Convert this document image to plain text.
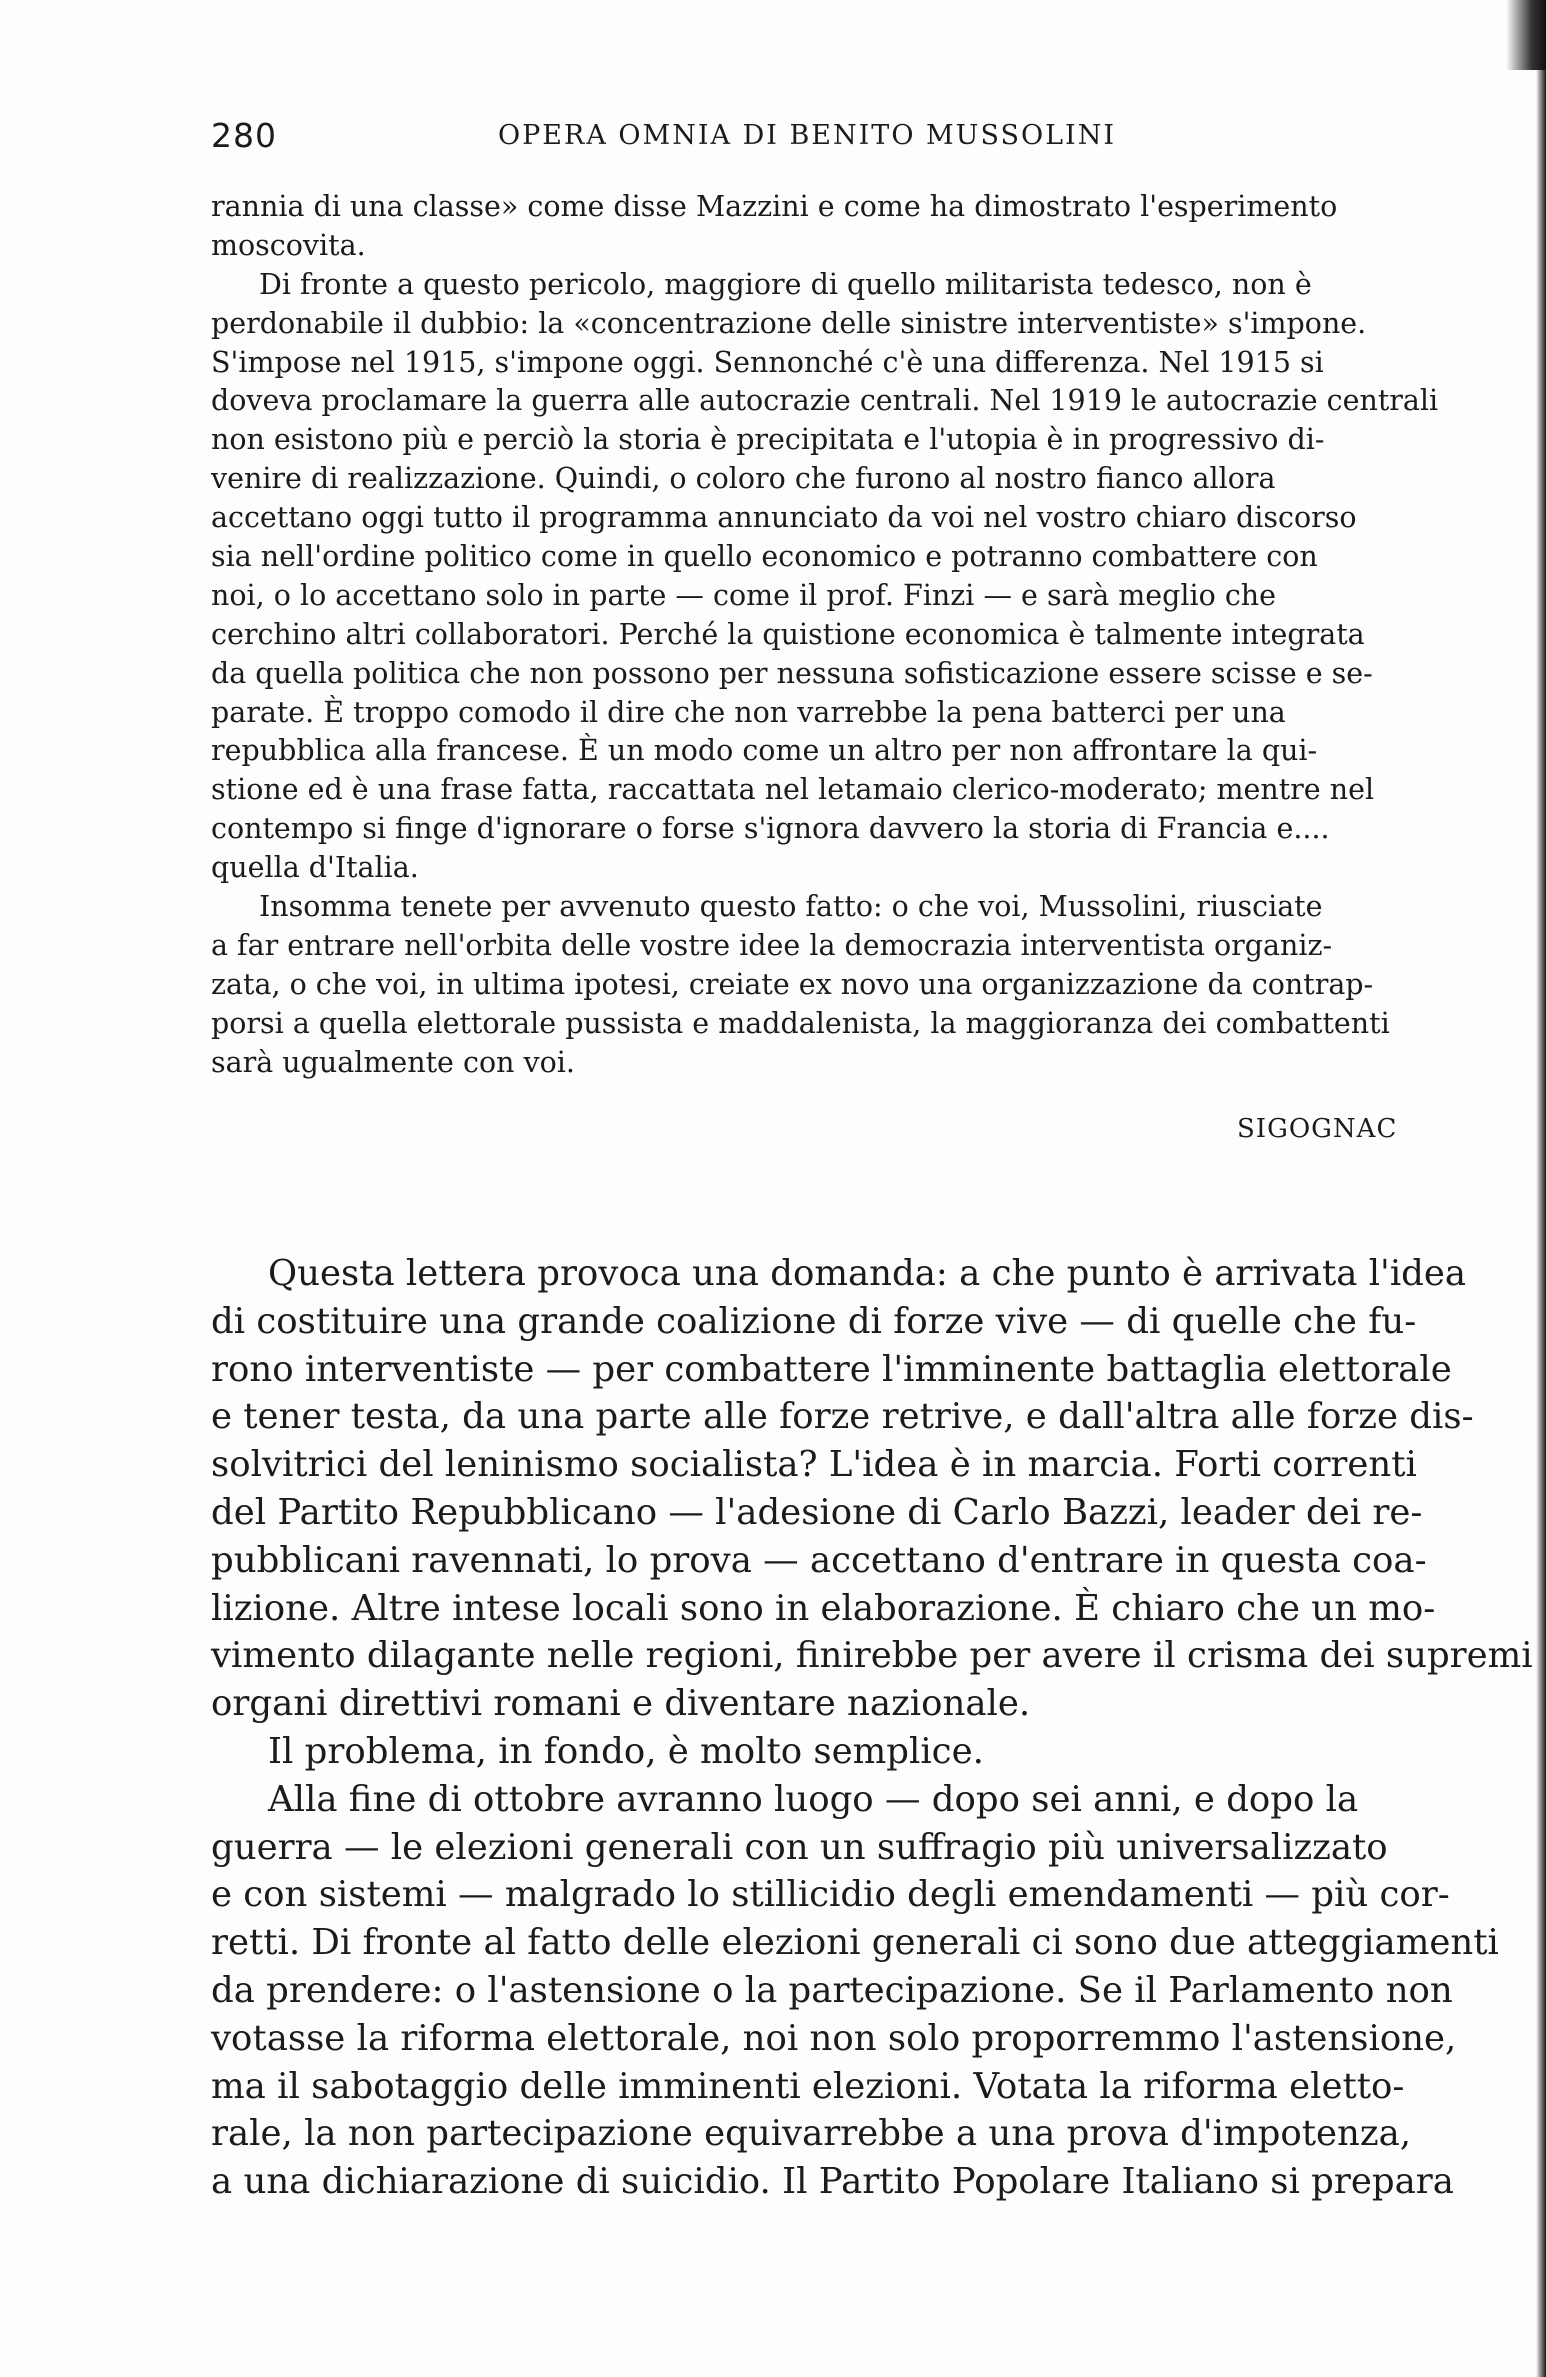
280	OPERA OMNIA DI BENITO MUSSOLINI
rannia di una classe» come disse Mazzini e come ha dimostrato l'esperimento
moscovita.
Di fronte a questo pericolo, maggiore di quello militarista tedesco, non è
perdonabile il dubbio: la «concentrazione delle sinistre interventiste» s'impone.
S'impose nel 1915, s'impone oggi. Sennonché c'è una differenza. Nel 1915 si
doveva proclamare la guerra alle autocrazie centrali. Nel 1919 le autocrazie centrali
non esistono più e perciò la storia è precipitata e l'utopia è in progressivo di-
venire di realizzazione. Quindi, o coloro che furono al nostro fianco allora
accettano oggi tutto il programma annunciato da voi nel vostro chiaro discorso
sia nell'ordine politico come in quello economico e potranno combattere con
noi, o lo accettano solo in parte — come il prof. Finzi — e sarà meglio che
cerchino altri collaboratori. Perché la quistione economica è talmente integrata
da quella politica che non possono per nessuna sofisticazione essere scisse e se-
parate. È troppo comodo il dire che non varrebbe la pena batterci per una
repubblica alla francese. È un modo come un altro per non affrontare la qui-
stione ed è una frase fatta, raccattata nel letamaio clerico-moderato; mentre nel
contempo si finge d'ignorare o forse s'ignora davvero la storia di Francia e....
quella d'Italia.
Insomma tenete per avvenuto questo fatto: o che voi, Mussolini, riusciate
a far entrare nell'orbita delle vostre idee la democrazia interventista organiz-
zata, o che voi, in ultima ipotesi, creiate ex novo una organizzazione da contrap-
porsi a quella elettorale pussista e maddalenista, la maggioranza dei combattenti
sarà ugualmente con voi.
SIGOGNAC
Questa lettera provoca una domanda: a che punto è arrivata l'idea
di costituire una grande coalizione di forze vive — di quelle che fu-
rono interventiste — per combattere l'imminente battaglia elettorale
e tener testa, da una parte alle forze retrive, e dall'altra alle forze dis-
solvitrici del leninismo socialista? L'idea è in marcia. Forti correnti
del Partito Repubblicano — l'adesione di Carlo Bazzi, leader dei re-
pubblicani ravennati, lo prova — accettano d'entrare in questa coa-
lizione. Altre intese locali sono in elaborazione. È chiaro che un mo-
vimento dilagante nelle regioni, finirebbe per avere il crisma dei supremi
organi direttivi romani e diventare nazionale.
Il problema, in fondo, è molto semplice.
Alla fine di ottobre avranno luogo — dopo sei anni, e dopo la
guerra — le elezioni generali con un suffragio più universalizzato
e con sistemi — malgrado lo stillicidio degli emendamenti — più cor-
retti. Di fronte al fatto delle elezioni generali ci sono due atteggiamenti
da prendere: o l'astensione o la partecipazione. Se il Parlamento non
votasse la riforma elettorale, noi non solo proporremmo l'astensione,
ma il sabotaggio delle imminenti elezioni. Votata la riforma eletto-
rale, la non partecipazione equivarrebbe a una prova d'impotenza,
a una dichiarazione di suicidio. Il Partito Popolare Italiano si prepara
